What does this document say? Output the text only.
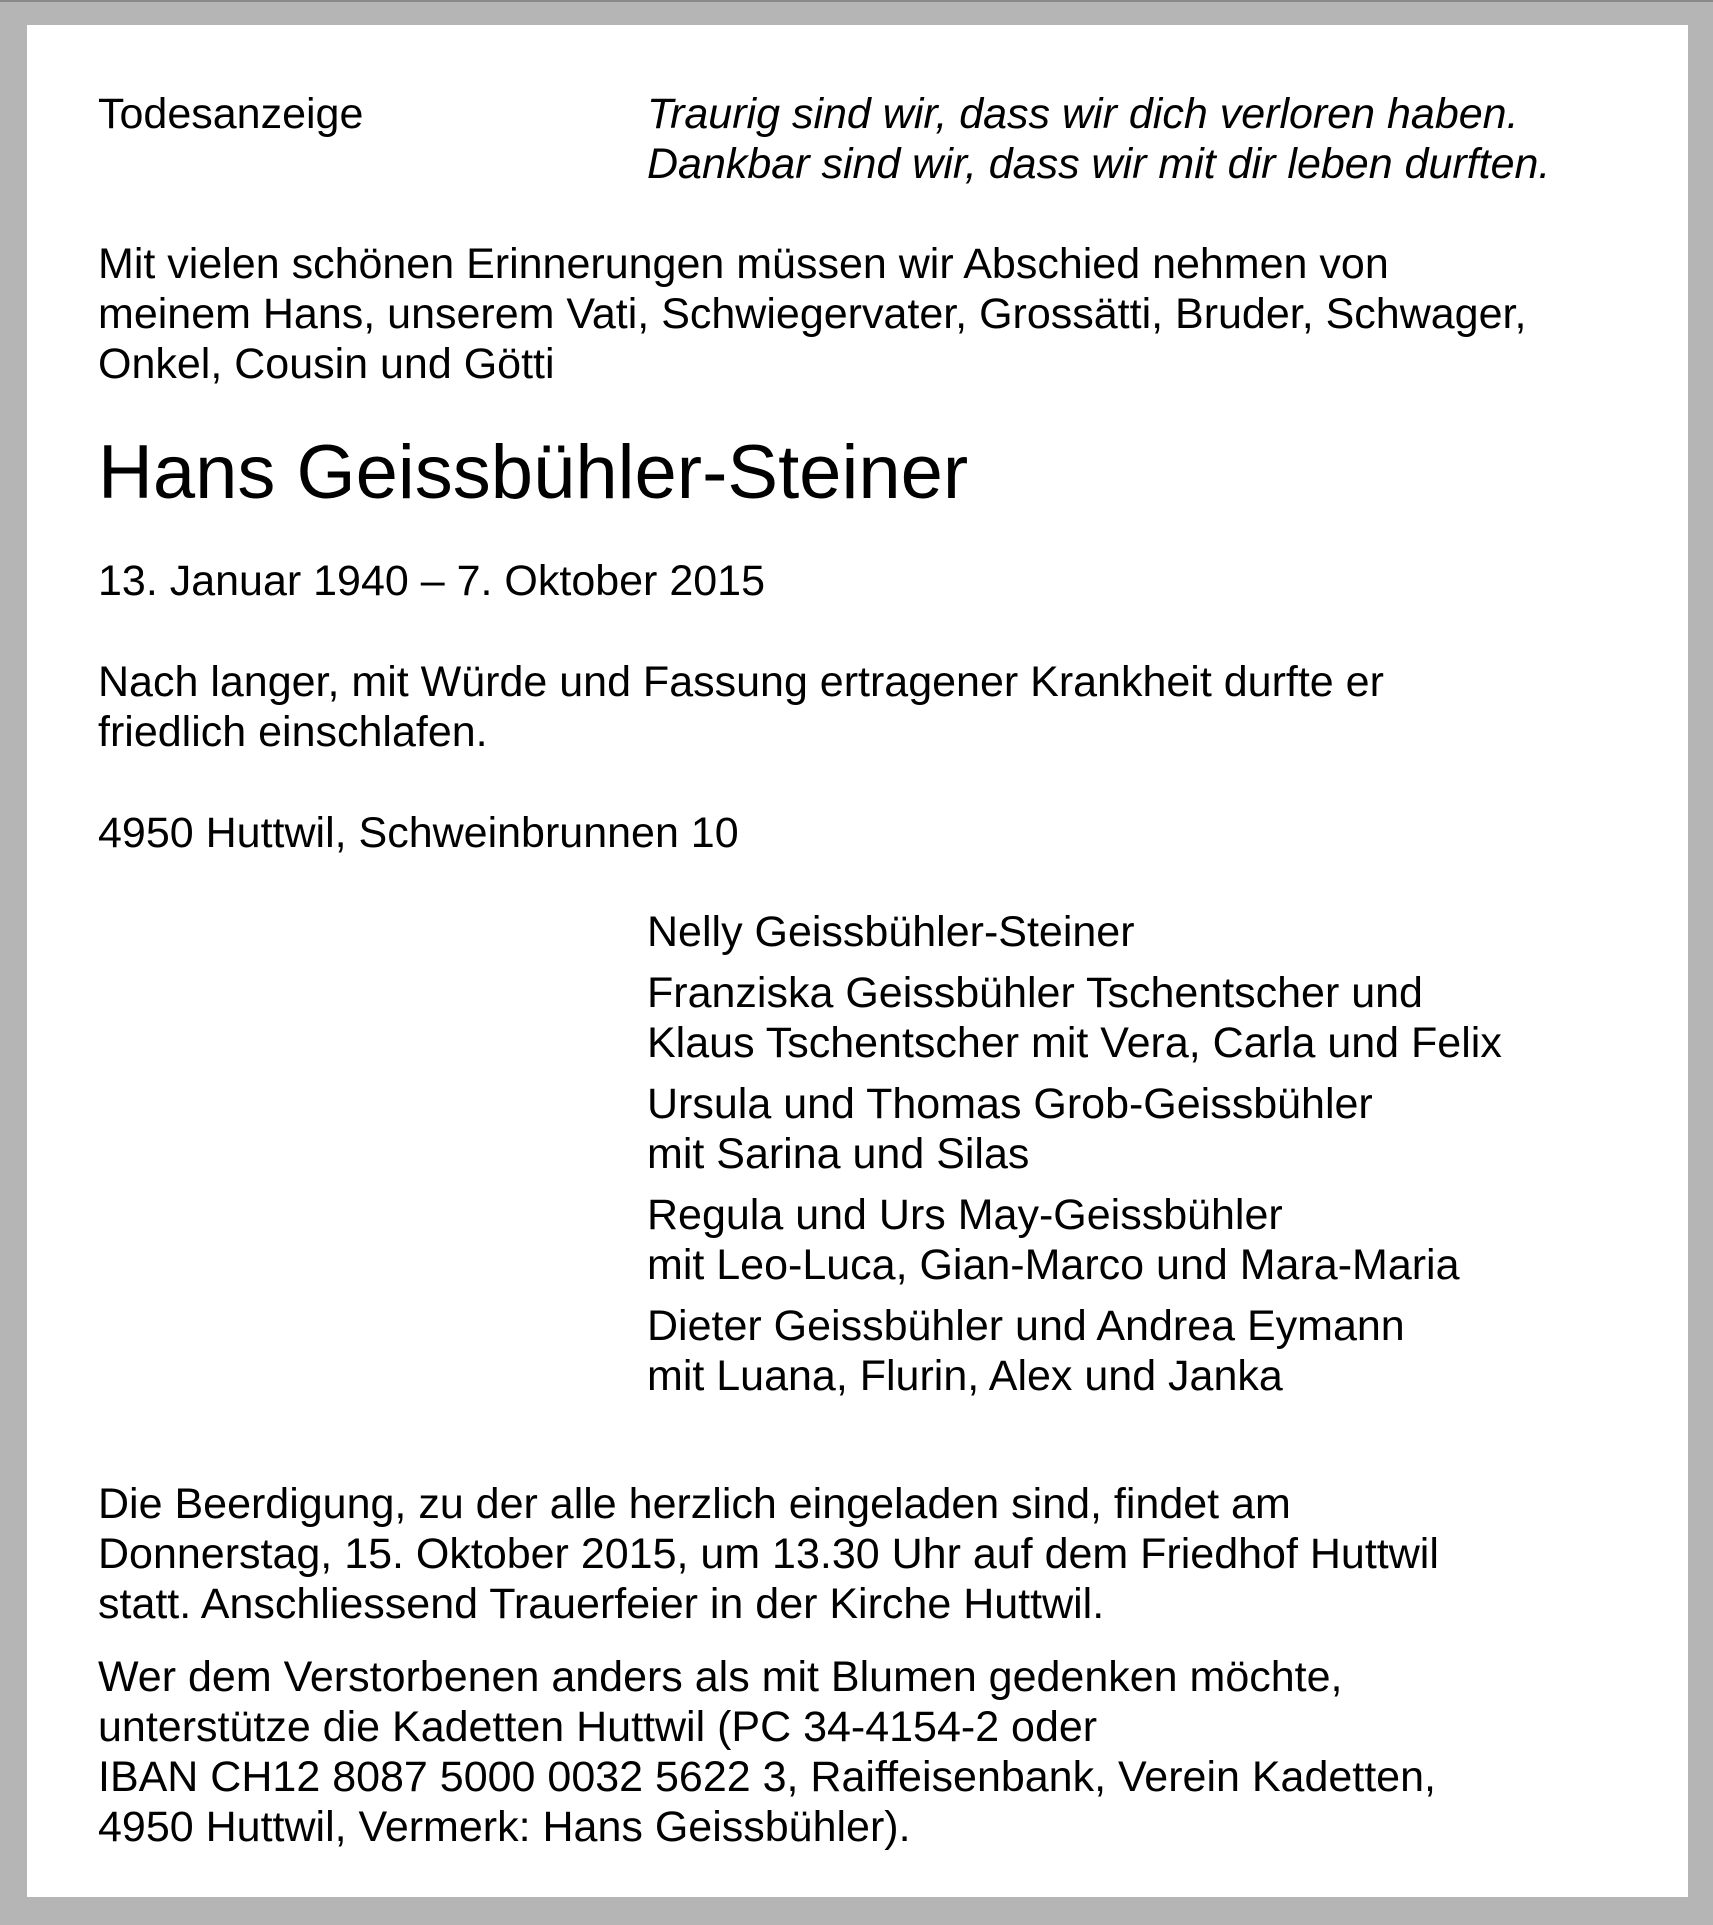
Todesanzeige	Traurig sind wir, dass wir dich verloren haben.
Dankbar sind wir, dass wir mit dir leben durften.
Mit vielen schönen Erinnerungen müssen wir Abschied nehmen von
meinem Hans, unserem Vati, Schwiegervater, Grossätti, Bruder, Schwager,
Onkel, Cousin und Götti
Hans Geissbühler-Steiner
13. Januar 1940 – 7. Oktober 2015
Nach langer, mit Würde und Fassung ertragener Krankheit durfte er
friedlich einschlafen.
4950 Huttwil, Schweinbrunnen 10
Nelly Geissbühler-Steiner
Franziska Geissbühler Tschentscher und
Klaus Tschentscher mit Vera, Carla und Felix
Ursula und Thomas Grob-Geissbühler
mit Sarina und Silas
Regula und Urs May-Geissbühler
mit Leo-Luca, Gian-Marco und Mara-Maria
Dieter Geissbühler und Andrea Eymann
mit Luana, Flurin, Alex und Janka
Die Beerdigung, zu der alle herzlich eingeladen sind, findet am
Donnerstag, 15. Oktober 2015, um 13.30 Uhr auf dem Friedhof Huttwil
statt. Anschliessend Trauerfeier in der Kirche Huttwil.
Wer dem Verstorbenen anders als mit Blumen gedenken möchte,
unterstütze die Kadetten Huttwil (PC 34-4154-2 oder
IBAN CH12 8087 5000 0032 5622 3, Raiffeisenbank, Verein Kadetten,
4950 Huttwil, Vermerk: Hans Geissbühler).
